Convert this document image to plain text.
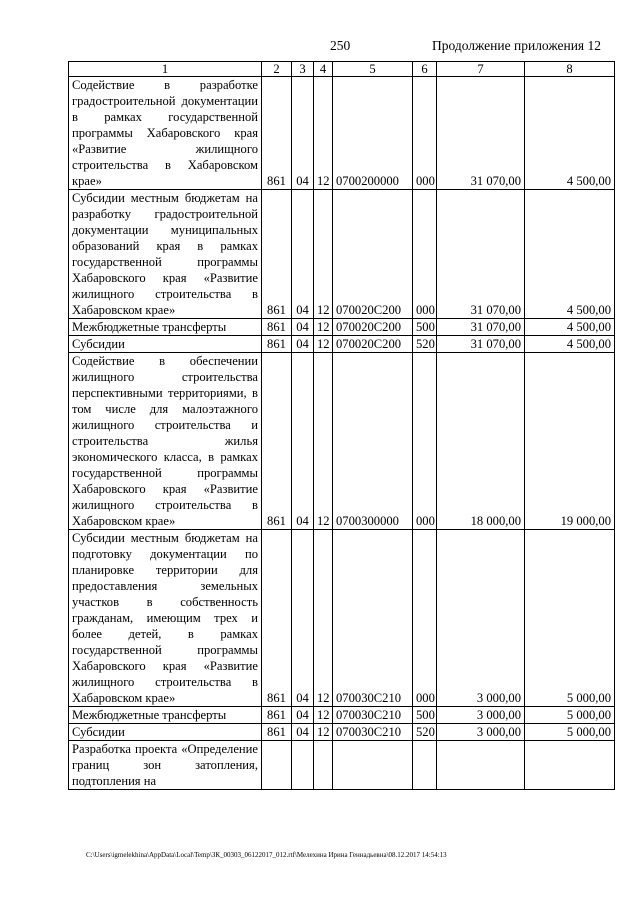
250	Продолжение приложения 12
1	2	3	4	5	6	7	8
Содействие в разработке градостроительной документации в рамках государственной программы Хабаровского края «Развитие жилищного строительства в Хабаровском крае»	861	04	12	0700200000	000	31 070,00	4 500,00
Субсидии местным бюджетам на разработку градостроительной документации муниципальных образований края в рамках государственной программы Хабаровского края «Развитие жилищного строительства в Хабаровском крае»	861	04	12	070020С200	000	31 070,00	4 500,00
Межбюджетные трансферты	861	04	12	070020С200	500	31 070,00	4 500,00
Субсидии	861	04	12	070020С200	520	31 070,00	4 500,00
Содействие в обеспечении жилищного строительства перспективными территориями, в том числе для малоэтажного жилищного строительства и строительства жилья экономического класса, в рамках государственной программы Хабаровского края «Развитие жилищного строительства в Хабаровском крае»	861	04	12	0700300000	000	18 000,00	19 000,00
Субсидии местным бюджетам на подготовку документации по планировке территории для предоставления земельных участков в собственность гражданам, имеющим трех и более детей, в рамках государственной программы Хабаровского края «Развитие жилищного строительства в Хабаровском крае»	861	04	12	070030С210	000	3 000,00	5 000,00
Межбюджетные трансферты	861	04	12	070030С210	500	3 000,00	5 000,00
Субсидии	861	04	12	070030С210	520	3 000,00	5 000,00
Разработка проекта «Определение границ зон затопления, подтопления на							
C:\Users\igmelekhina\AppData\Local\Temp\ЗК_00303_06122017_012.rtf\Мелехина Ирина Геннадьевна\08.12.2017 14:54:13
